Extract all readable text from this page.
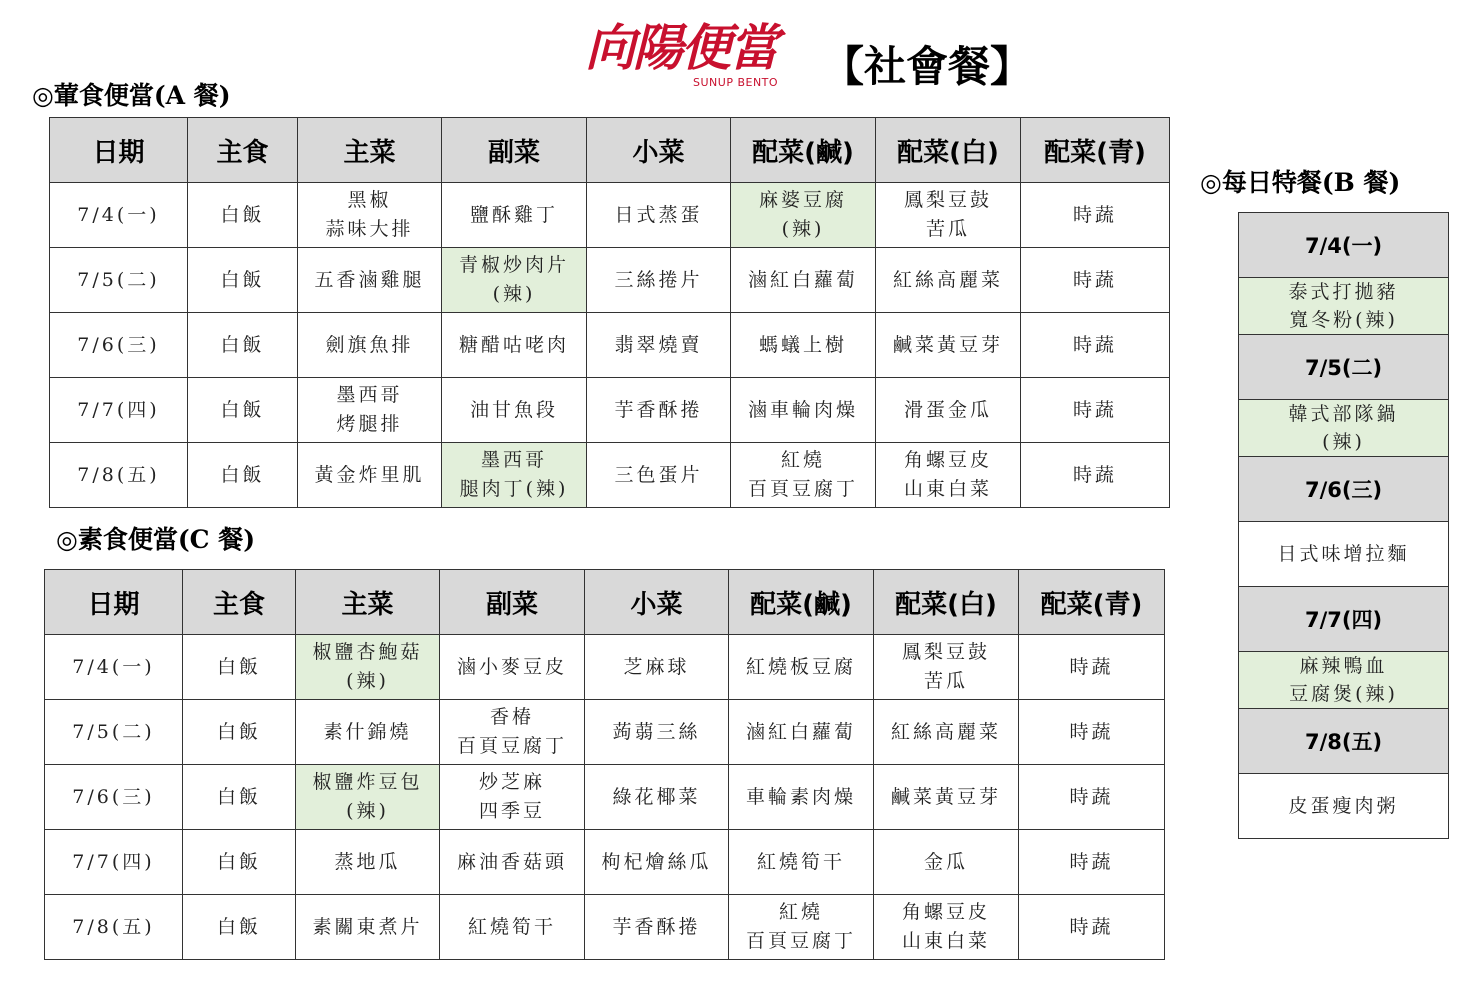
向陽便當
SUNUP BENTO 【社會餐】
◎葷食便當(A 餐)
日期	主食	主菜	副菜	小菜	配菜(鹹)	配菜(白)	配菜(青)

7/4(一)	白飯	黑椒
蒜味大排	鹽酥雞丁	日式蒸蛋	麻婆豆腐
(辣)	鳳梨豆鼓
苦瓜	時蔬

7/5(二)	白飯	五香滷雞腿	青椒炒肉片
(辣)	三絲捲片	滷紅白蘿蔔	紅絲高麗菜	時蔬

7/6(三)	白飯	劍旗魚排	糖醋咕咾肉	翡翠燒賣	螞蟻上樹	鹹菜黃豆芽	時蔬

7/7(四)	白飯	墨西哥
烤腿排	油甘魚段	芋香酥捲	滷車輪肉燥	滑蛋金瓜	時蔬

7/8(五)	白飯	黃金炸里肌	墨西哥
腿肉丁(辣)	三色蛋片	紅燒
百頁豆腐丁	角螺豆皮
山東白菜	時蔬
◎素食便當(C 餐)
日期	主食	主菜	副菜	小菜	配菜(鹹)	配菜(白)	配菜(青)

7/4(一)	白飯	椒鹽杏鮑菇
(辣)	滷小麥豆皮	芝麻球	紅燒板豆腐	鳳梨豆鼓
苦瓜	時蔬

7/5(二)	白飯	素什錦燒	香椿
百頁豆腐丁	蒟蒻三絲	滷紅白蘿蔔	紅絲高麗菜	時蔬

7/6(三)	白飯	椒鹽炸豆包
(辣)	炒芝麻
四季豆	綠花椰菜	車輪素肉燥	鹹菜黃豆芽	時蔬

7/7(四)	白飯	蒸地瓜	麻油香菇頭	枸杞燴絲瓜	紅燒筍干	金瓜	時蔬

7/8(五)	白飯	素關東煮片	紅燒筍干	芋香酥捲	紅燒
百頁豆腐丁	角螺豆皮
山東白菜	時蔬
◎每日特餐(B 餐)
7/4(一)

泰式打拋豬
寬冬粉(辣)

7/5(二)

韓式部隊鍋
(辣)

7/6(三)

日式味增拉麵

7/7(四)

麻辣鴨血
豆腐煲(辣)

7/8(五)

皮蛋瘦肉粥
